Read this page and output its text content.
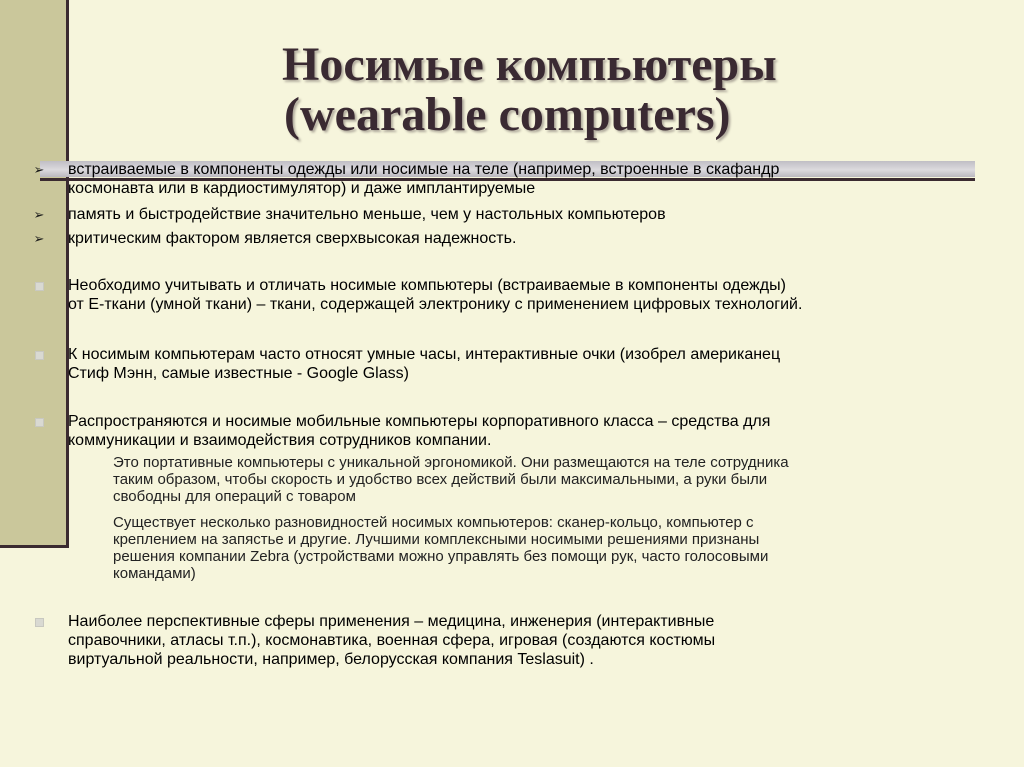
Носимые компьютеры
(wearable computers)
➢ встраиваемые в компоненты одежды или носимые на теле (например, встроенные в скафандр
космонавта или в кардиостимулятор) и даже имплантируемые
➢ память и быстродействие значительно меньше, чем у настольных компьютеров
➢ критическим фактором является сверхвысокая надежность.
Необходимо учитывать и отличать носимые компьютеры (встраиваемые в компоненты одежды)
от Е-ткани (умной ткани) – ткани, содержащей электронику с применением цифровых технологий.
К носимым компьютерам часто относят умные часы, интерактивные очки (изобрел американец
Стиф Мэнн, самые известные - Google Glass)
Распространяются и носимые мобильные компьютеры корпоративного класса – средства для
коммуникации и взаимодействия сотрудников компании.
Это портативные компьютеры с уникальной эргономикой. Они размещаются на теле сотрудника
таким образом, чтобы скорость и удобство всех действий были максимальными, а руки были
свободны для операций с товаром
Существует несколько разновидностей носимых компьютеров: сканер-кольцо, компьютер с
креплением на запястье и другие. Лучшими комплексными носимыми решениями признаны
решения компании Zebra (устройствами можно управлять без помощи рук, часто голосовыми
командами)
Наиболее перспективные сферы применения – медицина, инженерия (интерактивные
справочники, атласы т.п.), космонавтика, военная сфера, игровая (создаются костюмы
виртуальной реальности, например, белорусская компания Teslasuit) .
